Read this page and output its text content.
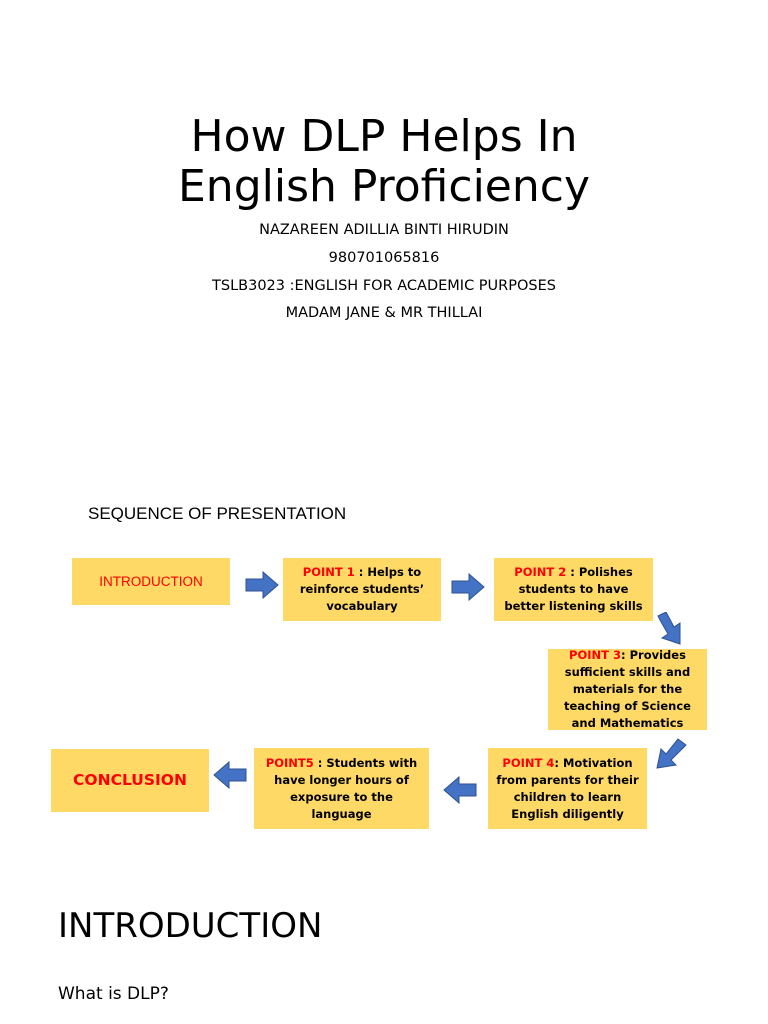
How DLP Helps In
English Proficiency
NAZAREEN ADILLIA BINTI HIRUDIN
980701065816
TSLB3023 :ENGLISH FOR ACADEMIC PURPOSES
MADAM JANE & MR THILLAI
SEQUENCE OF PRESENTATION
INTRODUCTION
POINT 1 : Helps to reinforce students’ vocabulary
POINT 2 : Polishes students to have better listening skills
POINT 3: Provides sufficient skills and materials for the teaching of Science and Mathematics
CONCLUSION
POINT5 : Students with have longer hours of exposure to the language
POINT 4: Motivation from parents for their children to learn English diligently
INTRODUCTION
What is DLP?
